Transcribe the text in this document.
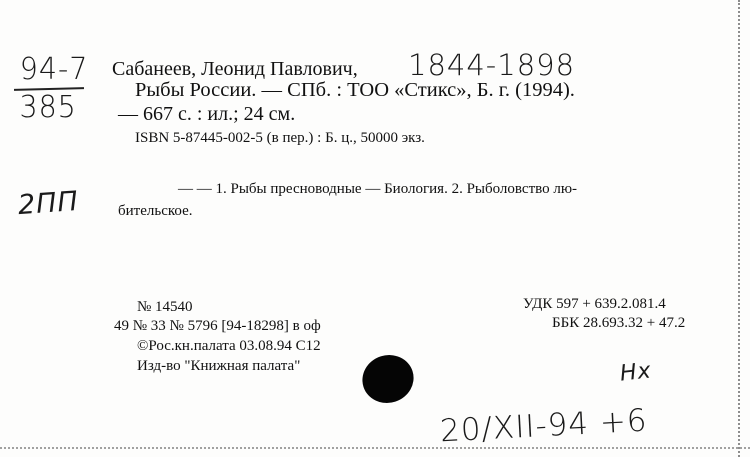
94-7
385
Сабанеев, Леонид Павлович, 1844-1898
Рыбы России. — СПб. : ТОО «Стикс», Б. г. (1994).
— 667 с. : ил.; 24 см.
ISBN 5-87445-002-5 (в пер.) : Б. ц., 50000 экз.
2ПП	— — 1. Рыбы пресноводные — Биология. 2. Рыболовство лю-
бительское.
№ 14540
49 № 33 № 5796 [94-18298] в оф
©Рос.кн.палата 03.08.94 С12
Изд-во "Книжная палата"
УДК 597 + 639.2.081.4
ББК 28.693.32 + 47.2
Нх
20/XII-94 +6
